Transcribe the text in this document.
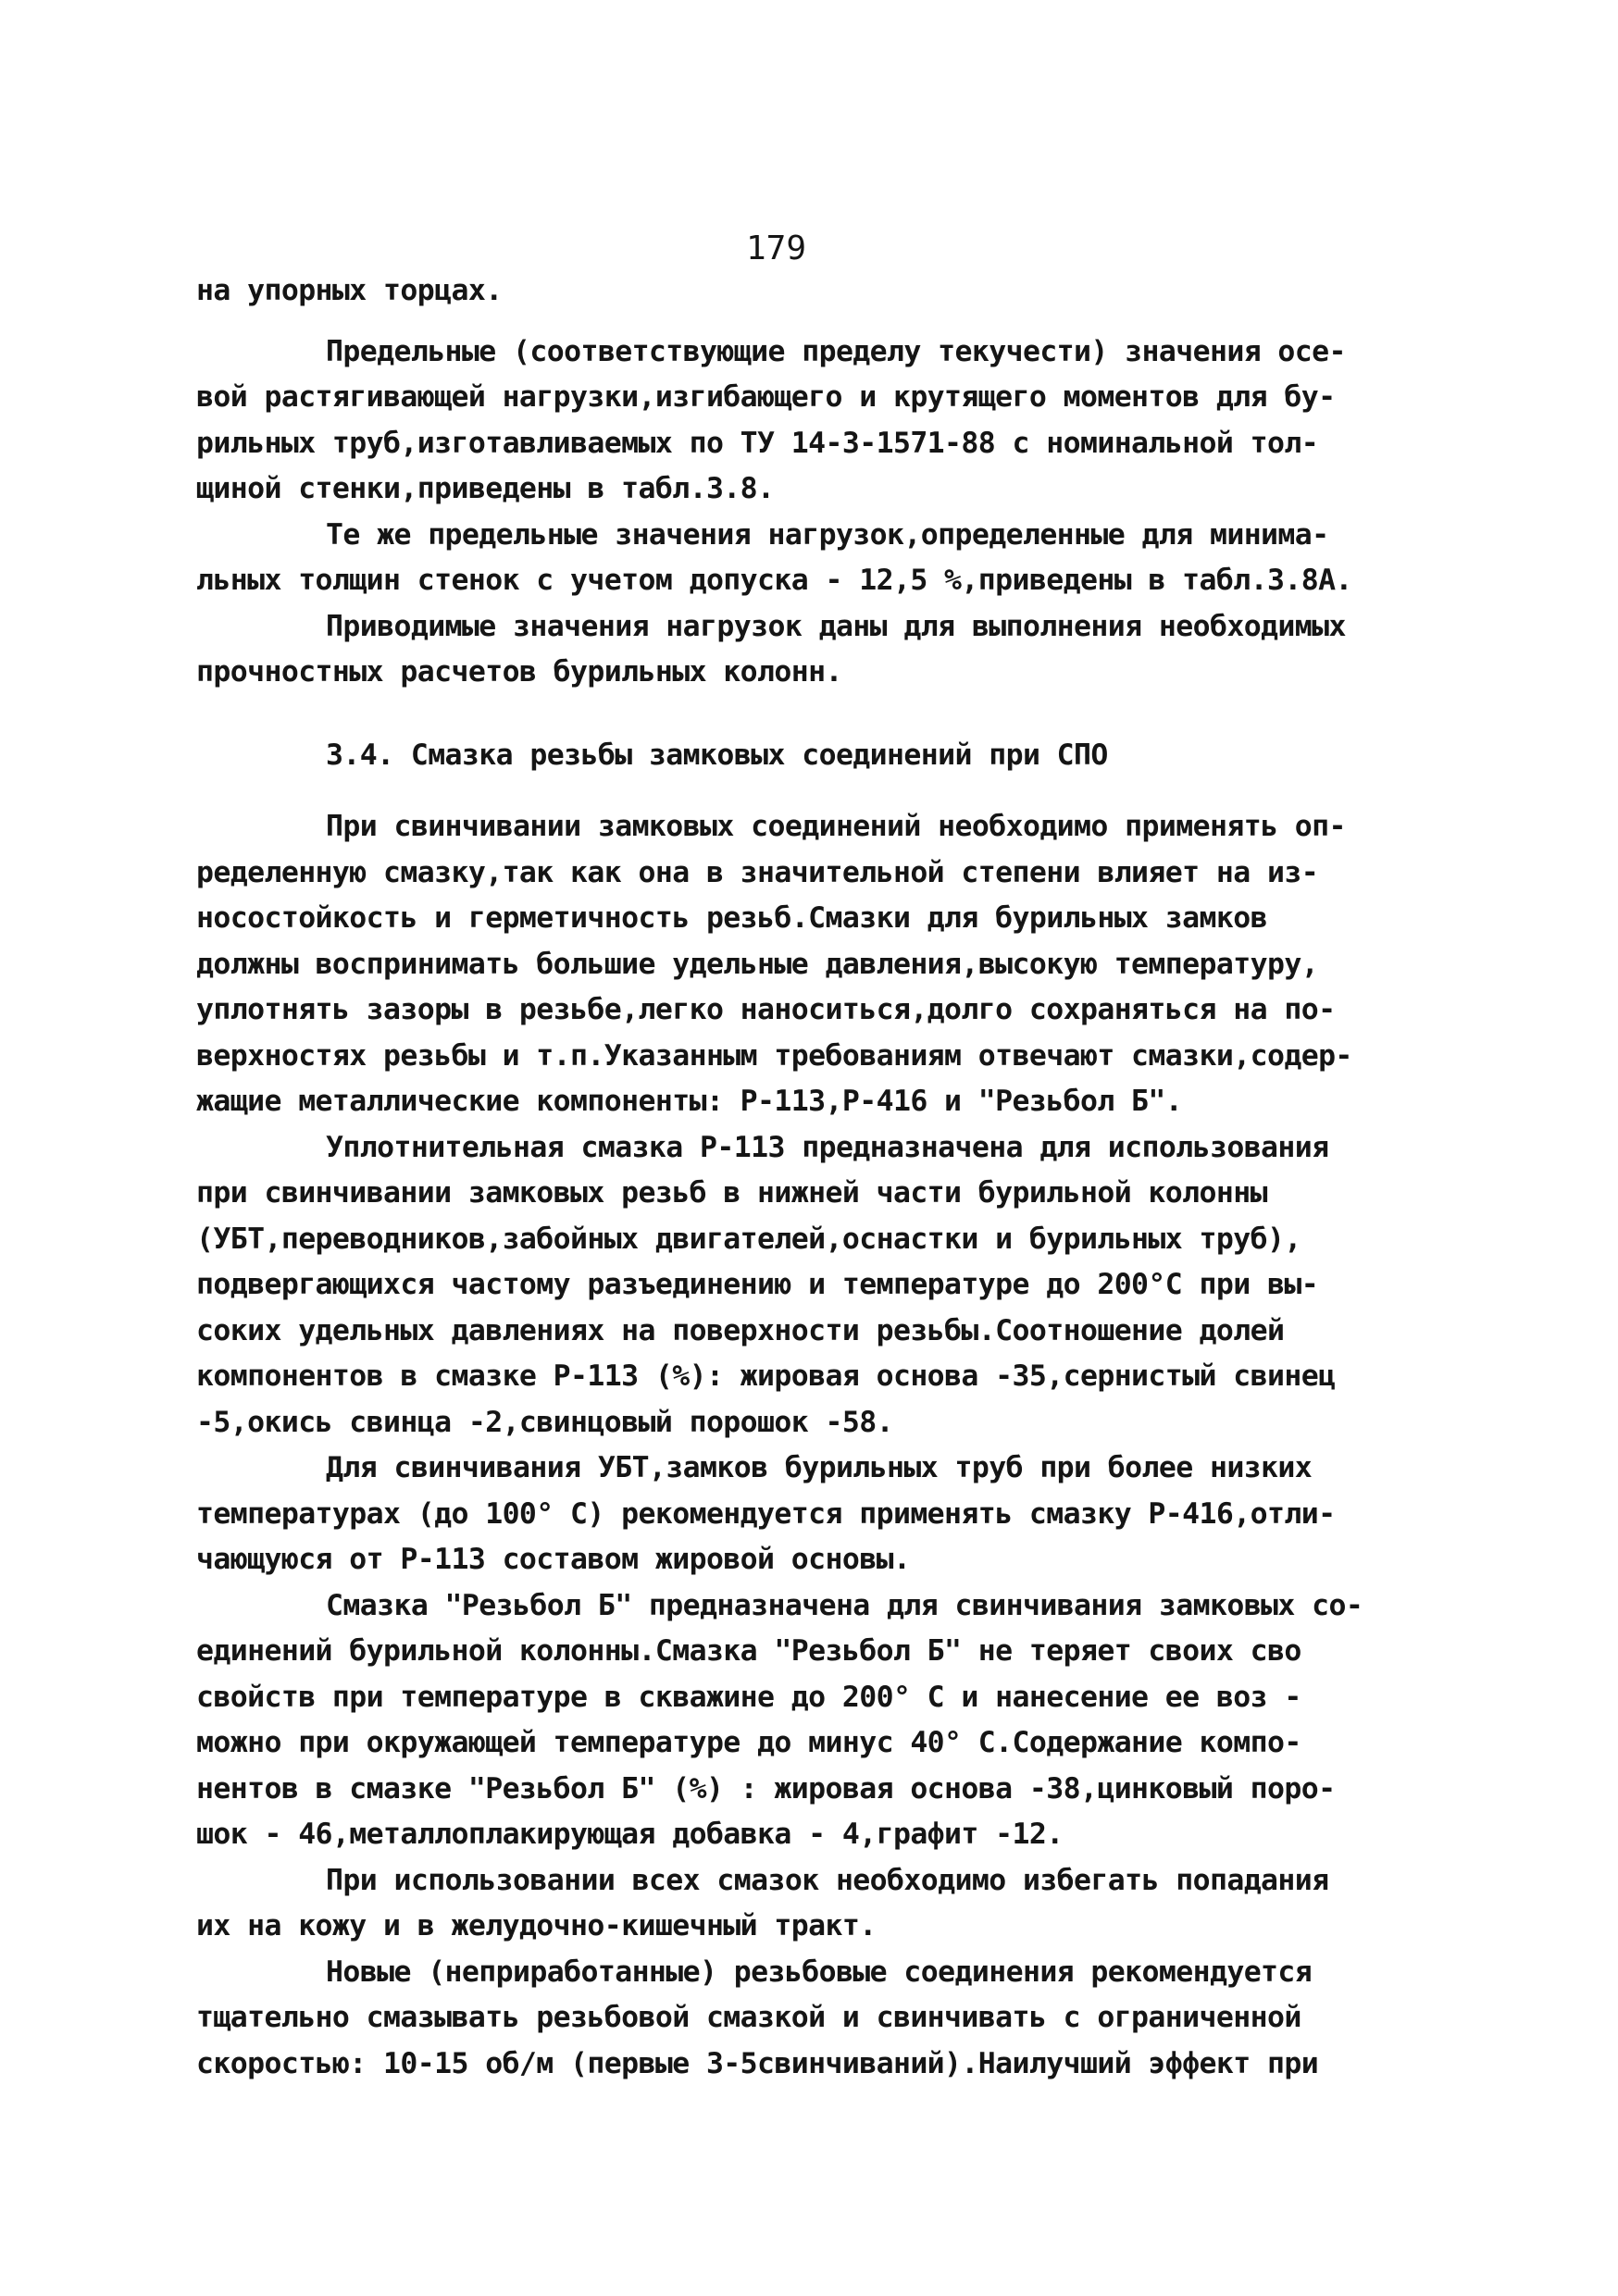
179
на упорных торцах.
Предельные (соответствующие пределу текучести) значения осе-
вой растягивающей нагрузки,изгибающего и крутящего моментов для бу-
рильных труб,изготавливаемых по ТУ 14-3-1571-88 с номинальной тол-
щиной стенки,приведены в табл.3.8.
Те же предельные значения нагрузок,определенные для минима-
льных толщин стенок с учетом допуска - 12,5 %,приведены в табл.3.8А.
Приводимые значения нагрузок даны для выполнения необходимых
прочностных расчетов бурильных колонн.
3.4. Смазка резьбы замковых соединений при СПО
При свинчивании замковых соединений необходимо применять оп-
ределенную смазку,так как она в значительной степени влияет на из-
носостойкость и герметичность резьб.Смазки для бурильных замков
должны воспринимать большие удельные давления,высокую температуру,
уплотнять зазоры в резьбе,легко наноситься,долго сохраняться на по-
верхностях резьбы и т.п.Указанным требованиям отвечают смазки,содер-
жащие металлические компоненты: Р-113,Р-416 и "Резьбол Б".
Уплотнительная смазка Р-113 предназначена для использования
при свинчивании замковых резьб в нижней части бурильной колонны
(УБТ,переводников,забойных двигателей,оснастки и бурильных труб),
подвергающихся частому разъединению и температуре до 200°С при вы-
соких удельных давлениях на поверхности резьбы.Соотношение долей
компонентов в смазке Р-113 (%): жировая основа -35,сернистый свинец
-5,окись свинца -2,свинцовый порошок -58.
Для свинчивания УБТ,замков бурильных труб при более низких
температурах (до 100° С) рекомендуется применять смазку Р-416,отли-
чающуюся от Р-113 составом жировой основы.
Смазка "Резьбол Б" предназначена для свинчивания замковых со-
единений бурильной колонны.Смазка "Резьбол Б" не теряет своих сво
свойств при температуре в скважине до 200° С и нанесение ее воз -
можно при окружающей температуре до минус 40° С.Содержание компо-
нентов в смазке "Резьбол Б" (%) : жировая основа -38,цинковый поро-
шок - 46,металлоплакирующая добавка - 4,графит -12.
При использовании всех смазок необходимо избегать попадания
их на кожу и в желудочно-кишечный тракт.
Новые (неприработанные) резьбовые соединения рекомендуется
тщательно смазывать резьбовой смазкой и свинчивать с ограниченной
скоростью: 10-15 об/м (первые 3-5свинчиваний).Наилучший эффект при
